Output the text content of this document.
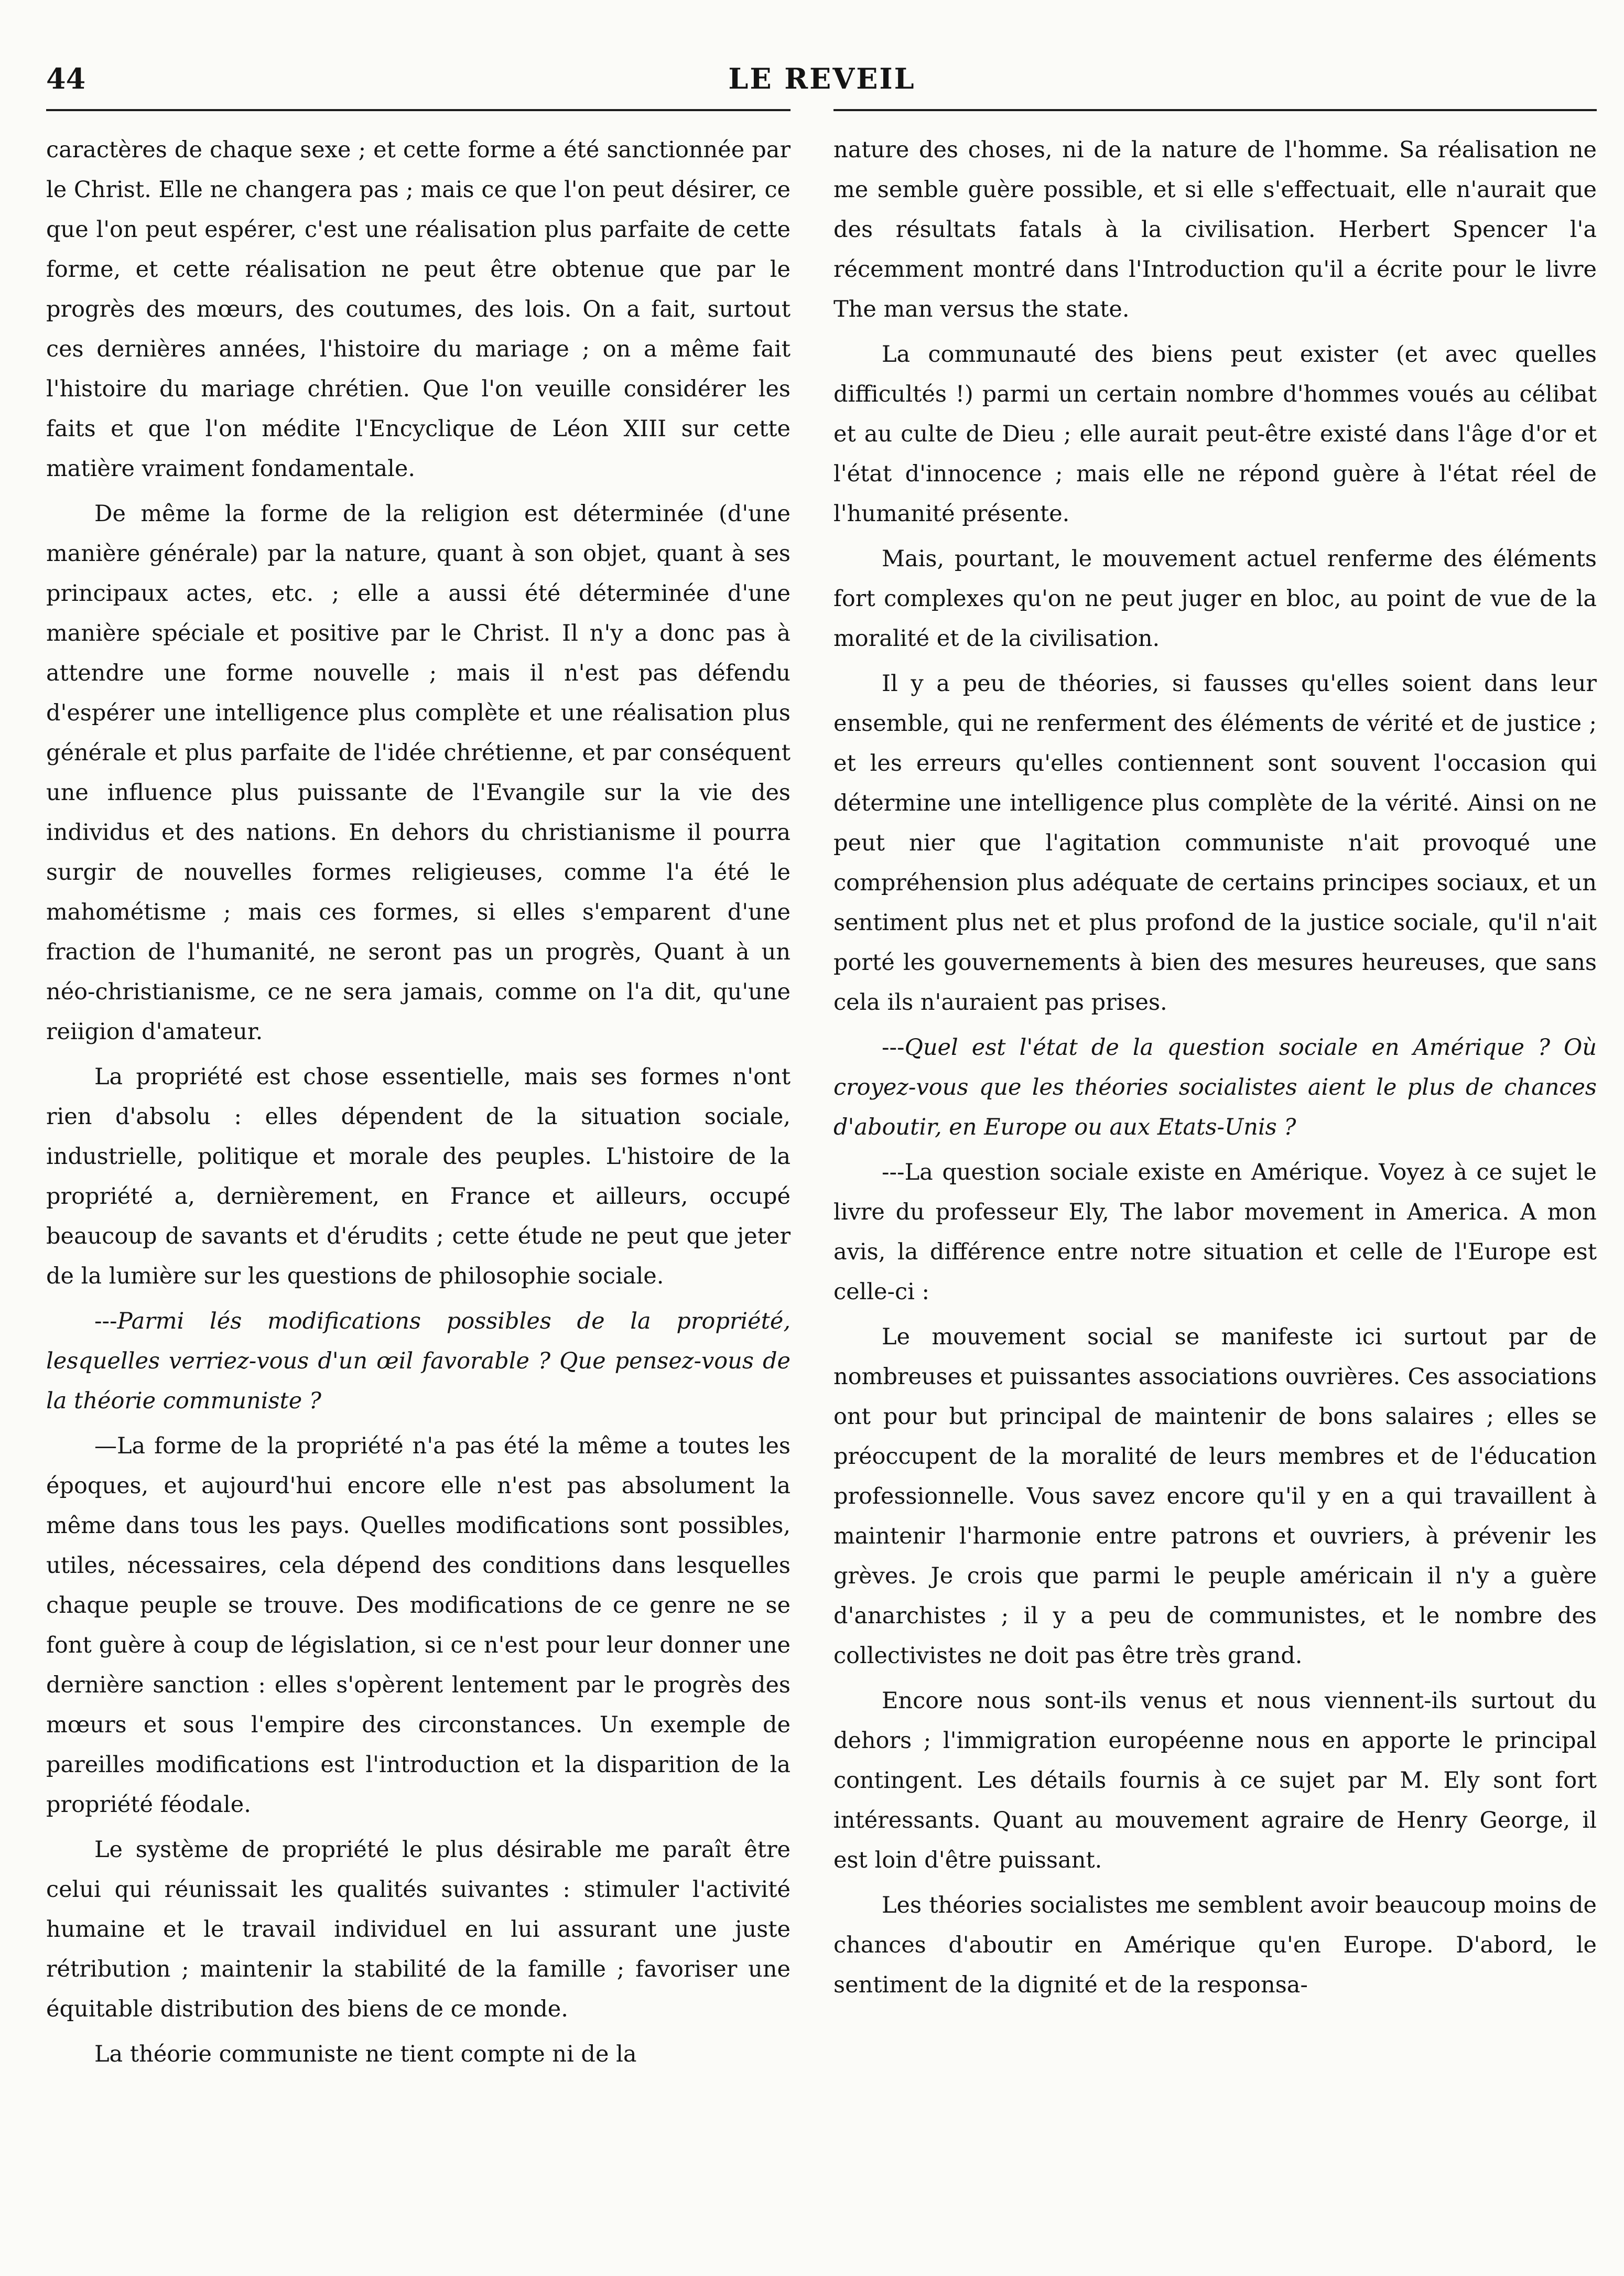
44	LE REVEIL

caractères de chaque sexe ; et cette forme a été sanctionnée par le Christ. Elle ne changera pas ; mais ce que l'on peut désirer, ce que l'on peut espérer, c'est une réalisation plus parfaite de cette forme, et cette réalisation ne peut être obtenue que par le progrès des mœurs, des coutumes, des lois. On a fait, surtout ces dernières années, l'histoire du mariage ; on a même fait l'histoire du mariage chrétien. Que l'on veuille considérer les faits et que l'on médite l'Encyclique de Léon XIII sur cette matière vraiment fondamentale.

De même la forme de la religion est déterminée (d'une manière générale) par la nature, quant à son objet, quant à ses principaux actes, etc. ; elle a aussi été déterminée d'une manière spéciale et positive par le Christ. Il n'y a donc pas à attendre une forme nouvelle ; mais il n'est pas défendu d'espérer une intelligence plus complète et une réalisation plus générale et plus parfaite de l'idée chrétienne, et par conséquent une influence plus puissante de l'Evangile sur la vie des individus et des nations. En dehors du christianisme il pourra surgir de nouvelles formes religieuses, comme l'a été le mahométisme ; mais ces formes, si elles s'emparent d'une fraction de l'humanité, ne seront pas un progrès, Quant à un néo-christianisme, ce ne sera jamais, comme on l'a dit, qu'une reiigion d'amateur.

La propriété est chose essentielle, mais ses formes n'ont rien d'absolu : elles dépendent de la situation sociale, industrielle, politique et morale des peuples. L'histoire de la propriété a, dernièrement, en France et ailleurs, occupé beaucoup de savants et d'érudits ; cette étude ne peut que jeter de la lumière sur les questions de philosophie sociale.

---Parmi lés modifications possibles de la propriété, lesquelles verriez-vous d'un œil favorable ? Que pensez-vous de la théorie communiste ?

—La forme de la propriété n'a pas été la même a toutes les époques, et aujourd'hui encore elle n'est pas absolument la même dans tous les pays. Quelles modifications sont possibles, utiles, nécessaires, cela dépend des conditions dans lesquelles chaque peuple se trouve. Des modifications de ce genre ne se font guère à coup de législation, si ce n'est pour leur donner une dernière sanction : elles s'opèrent lentement par le progrès des mœurs et sous l'empire des circonstances. Un exemple de pareilles modifications est l'introduction et la disparition de la propriété féodale.

Le système de propriété le plus désirable me paraît être celui qui réunissait les qualités suivantes : stimuler l'activité humaine et le travail individuel en lui assurant une juste rétribution ; maintenir la stabilité de la famille ; favoriser une équitable distribution des biens de ce monde.

La théorie communiste ne tient compte ni de la

nature des choses, ni de la nature de l'homme. Sa réalisation ne me semble guère possible, et si elle s'effectuait, elle n'aurait que des résultats fatals à la civilisation. Herbert Spencer l'a récemment montré dans l'Introduction qu'il a écrite pour le livre The man versus the state.

La communauté des biens peut exister (et avec quelles difficultés !) parmi un certain nombre d'hommes voués au célibat et au culte de Dieu ; elle aurait peut-être existé dans l'âge d'or et l'état d'innocence ; mais elle ne répond guère à l'état réel de l'humanité présente.

Mais, pourtant, le mouvement actuel renferme des éléments fort complexes qu'on ne peut juger en bloc, au point de vue de la moralité et de la civilisation.

Il y a peu de théories, si fausses qu'elles soient dans leur ensemble, qui ne renferment des éléments de vérité et de justice ; et les erreurs qu'elles contiennent sont souvent l'occasion qui détermine une intelligence plus complète de la vérité. Ainsi on ne peut nier que l'agitation communiste n'ait provoqué une compréhension plus adéquate de certains principes sociaux, et un sentiment plus net et plus profond de la justice sociale, qu'il n'ait porté les gouvernements à bien des mesures heureuses, que sans cela ils n'auraient pas prises.

---Quel est l'état de la question sociale en Amérique ? Où croyez-vous que les théories socialistes aient le plus de chances d'aboutir, en Europe ou aux Etats-Unis ?

---La question sociale existe en Amérique. Voyez à ce sujet le livre du professeur Ely, The labor movement in America. A mon avis, la différence entre notre situation et celle de l'Europe est celle-ci :

Le mouvement social se manifeste ici surtout par de nombreuses et puissantes associations ouvrières. Ces associations ont pour but principal de maintenir de bons salaires ; elles se préoccupent de la moralité de leurs membres et de l'éducation professionnelle. Vous savez encore qu'il y en a qui travaillent à maintenir l'harmonie entre patrons et ouvriers, à prévenir les grèves. Je crois que parmi le peuple américain il n'y a guère d'anarchistes ; il y a peu de communistes, et le nombre des collectivistes ne doit pas être très grand.

Encore nous sont-ils venus et nous viennent-ils surtout du dehors ; l'immigration européenne nous en apporte le principal contingent. Les détails fournis à ce sujet par M. Ely sont fort intéressants. Quant au mouvement agraire de Henry George, il est loin d'être puissant.

Les théories socialistes me semblent avoir beaucoup moins de chances d'aboutir en Amérique qu'en Europe. D'abord, le sentiment de la dignité et de la responsa-
